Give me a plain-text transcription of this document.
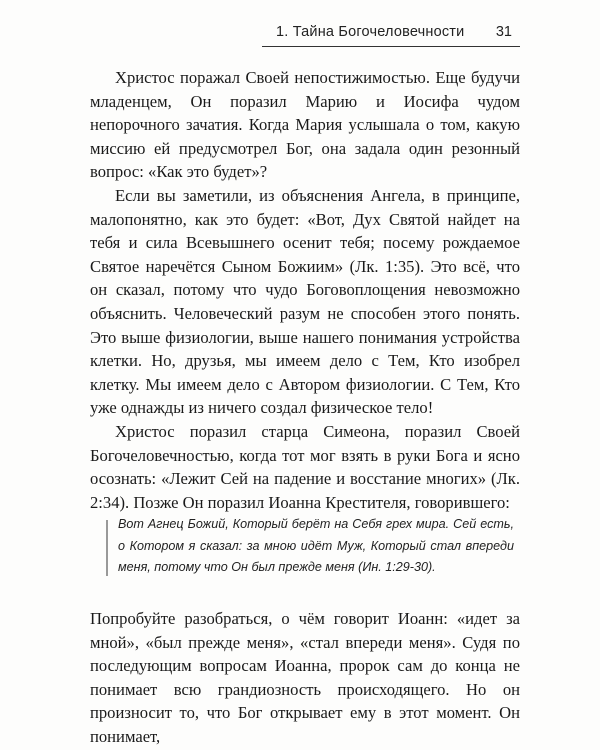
1. Тайна Богочеловечности 31

Христос поражал Своей непостижимостью. Еще будучи младенцем, Он поразил Марию и Иосифа чудом непорочного зачатия. Когда Мария услышала о том, какую миссию ей предусмотрел Бог, она задала один резонный вопрос: «Как это будет»?

Если вы заметили, из объяснения Ангела, в принципе, малопонятно, как это будет: «Вот, Дух Святой найдет на тебя и сила Всевышнего осенит тебя; посему рождаемое Святое наречётся Сыном Божиим» (Лк. 1:35). Это всё, что он сказал, потому что чудо Боговоплощения невозможно объяснить. Человеческий разум не способен этого понять. Это выше физиологии, выше нашего понимания устройства клетки. Но, друзья, мы имеем дело с Тем, Кто изобрел клетку. Мы имеем дело с Автором физиологии. С Тем, Кто уже однажды из ничего создал физическое тело!

Христос поразил старца Симеона, поразил Своей Богочеловечностью, когда тот мог взять в руки Бога и ясно осознать: «Лежит Сей на падение и восстание многих» (Лк. 2:34). Позже Он поразил Иоанна Крестителя, говорившего:

Вот Агнец Божий, Который берёт на Себя грех мира. Сей есть, о Котором я сказал: за мною идёт Муж, Который стал впереди меня, потому что Он был прежде меня (Ин. 1:29-30).

Попробуйте разобраться, о чём говорит Иоанн: «идет за мной», «был прежде меня», «стал впереди меня». Судя по последующим вопросам Иоанна, пророк сам до конца не понимает всю грандиозность происходящего. Но он произносит то, что Бог открывает ему в этот момент. Он понимает,
